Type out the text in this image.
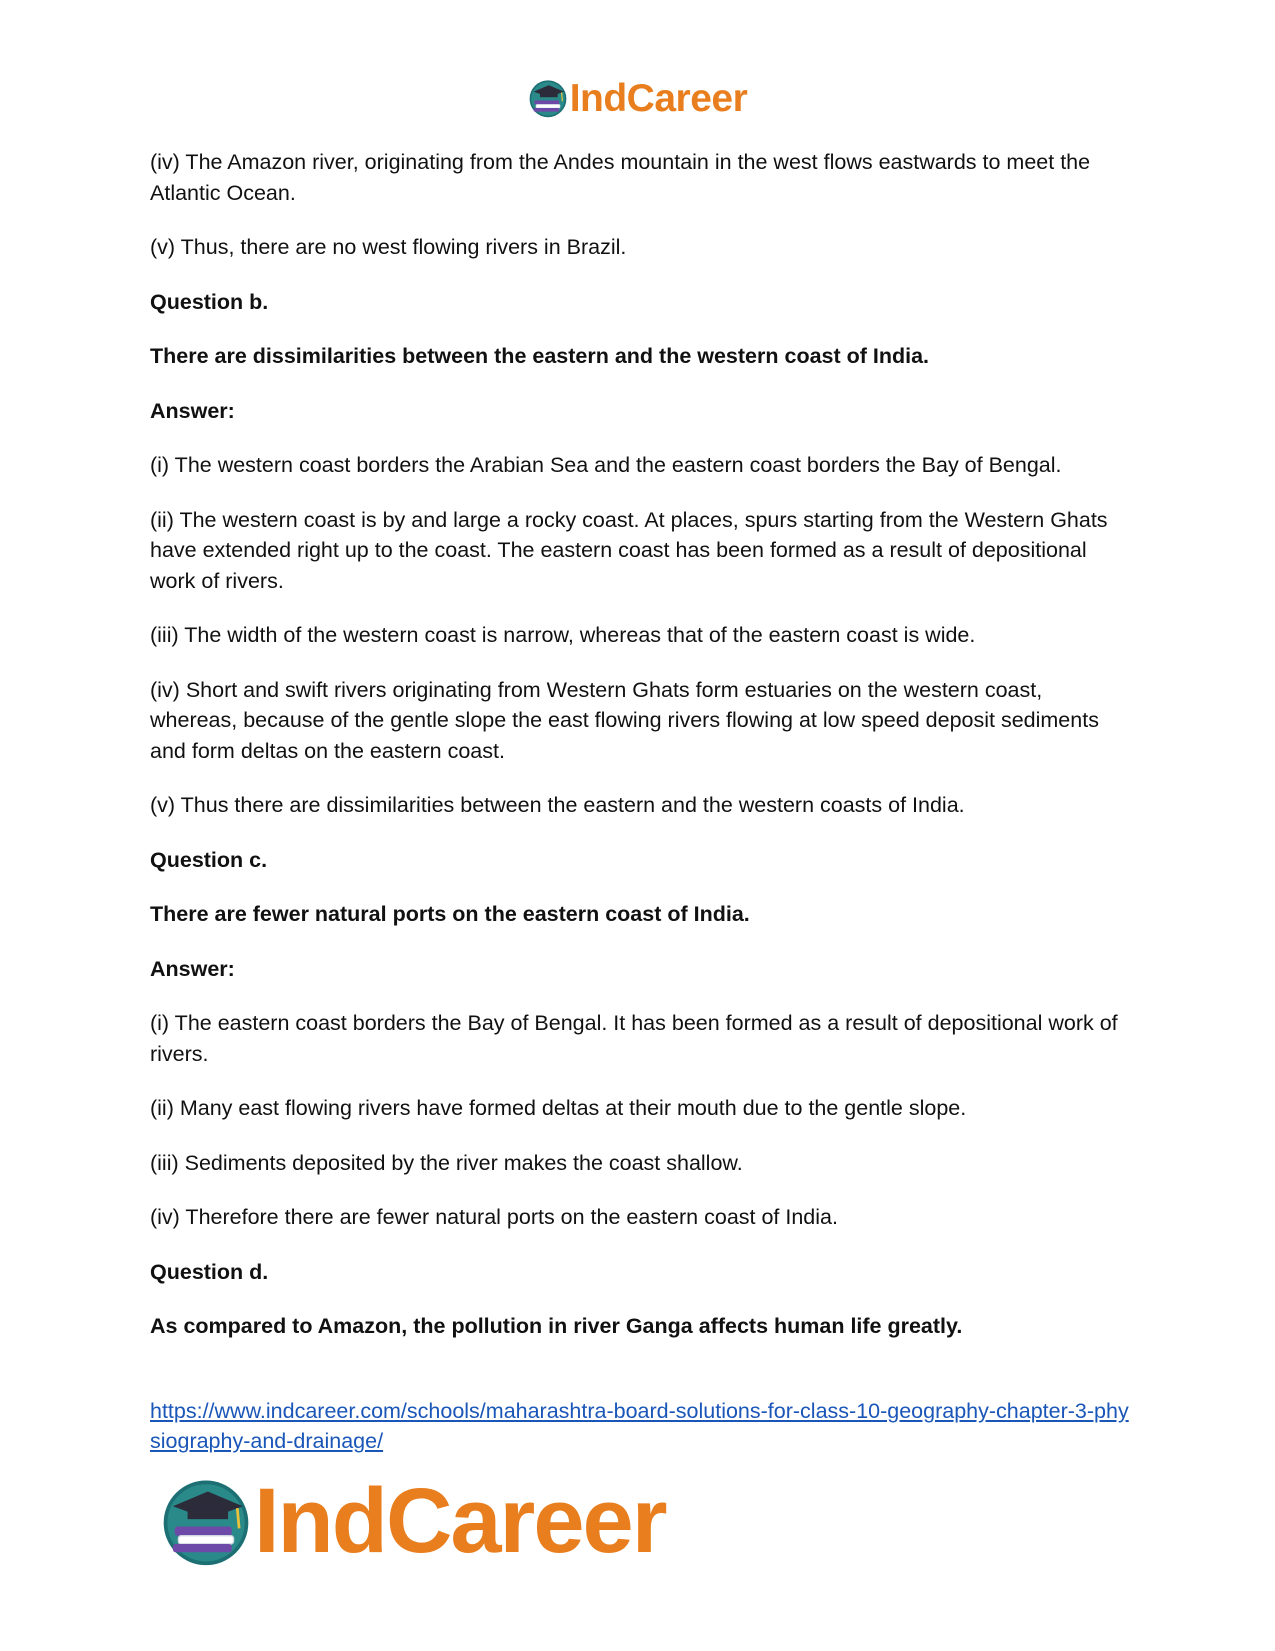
IndCareer

(iv) The Amazon river, originating from the Andes mountain in the west flows eastwards to meet the Atlantic Ocean.

(v) Thus, there are no west flowing rivers in Brazil.

Question b.

There are dissimilarities between the eastern and the western coast of India.

Answer:

(i) The western coast borders the Arabian Sea and the eastern coast borders the Bay of Bengal.

(ii) The western coast is by and large a rocky coast. At places, spurs starting from the Western Ghats have extended right up to the coast. The eastern coast has been formed as a result of depositional work of rivers.

(iii) The width of the western coast is narrow, whereas that of the eastern coast is wide.

(iv) Short and swift rivers originating from Western Ghats form estuaries on the western coast, whereas, because of the gentle slope the east flowing rivers flowing at low speed deposit sediments and form deltas on the eastern coast.

(v) Thus there are dissimilarities between the eastern and the western coasts of India.

Question c.

There are fewer natural ports on the eastern coast of India.

Answer:

(i) The eastern coast borders the Bay of Bengal. It has been formed as a result of depositional work of rivers.

(ii) Many east flowing rivers have formed deltas at their mouth due to the gentle slope.

(iii) Sediments deposited by the river makes the coast shallow.

(iv) Therefore there are fewer natural ports on the eastern coast of India.

Question d.

As compared to Amazon, the pollution in river Ganga affects human life greatly.

https://www.indcareer.com/schools/maharashtra-board-solutions-for-class-10-geography-chapter-3-physiography-and-drainage/
IndCareer
